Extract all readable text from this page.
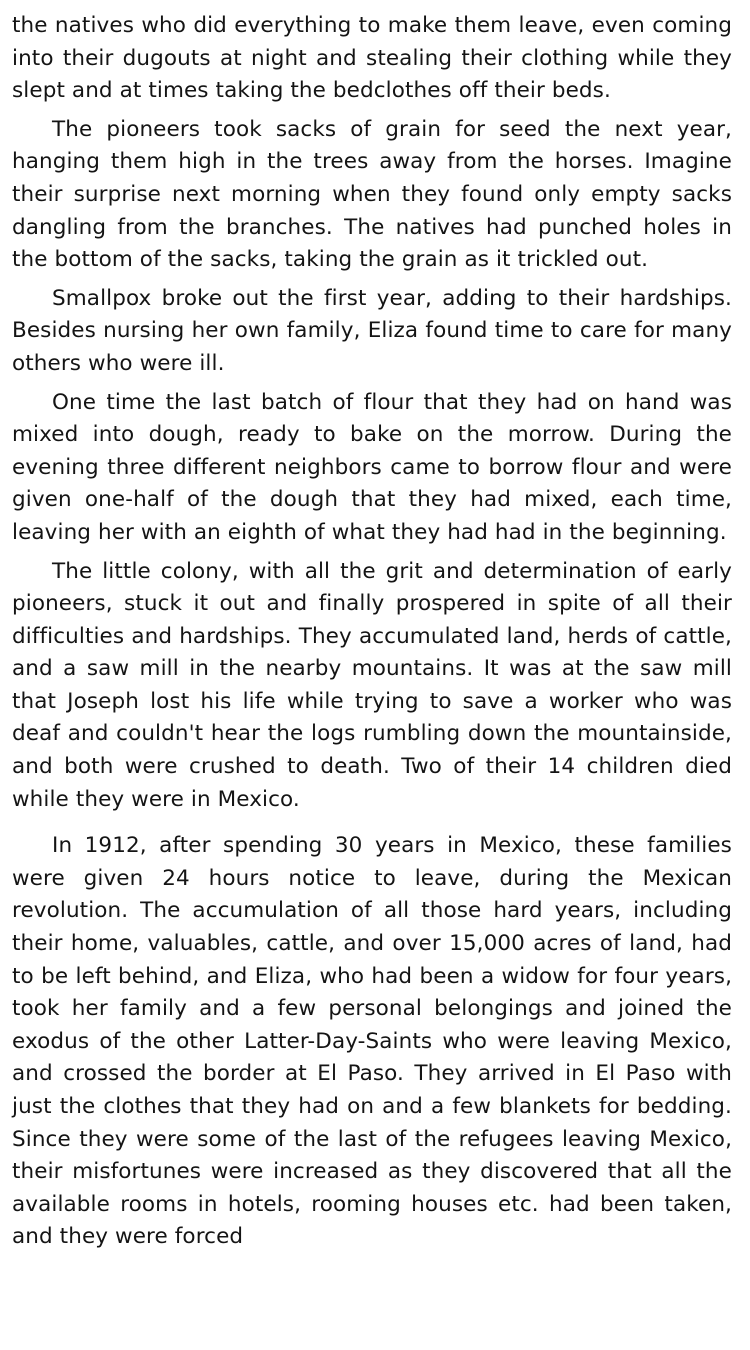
the natives who did everything to make them leave, even coming into their dugouts at night and stealing their clothing while they slept and at times taking the bedclothes off their beds.

The pioneers took sacks of grain for seed the next year, hanging them high in the trees away from the horses. Imagine their surprise next morning when they found only empty sacks dangling from the branches. The natives had punched holes in the bottom of the sacks, taking the grain as it trickled out.

Smallpox broke out the first year, adding to their hardships. Besides nursing her own family, Eliza found time to care for many others who were ill.

One time the last batch of flour that they had on hand was mixed into dough, ready to bake on the morrow. During the evening three different neighbors came to borrow flour and were given one-half of the dough that they had mixed, each time, leaving her with an eighth of what they had had in the beginning.

The little colony, with all the grit and determination of early pioneers, stuck it out and finally prospered in spite of all their difficulties and hardships. They accumulated land, herds of cattle, and a saw mill in the nearby mountains. It was at the saw mill that Joseph lost his life while trying to save a worker who was deaf and couldn't hear the logs rumbling down the mountainside, and both were crushed to death. Two of their 14 children died while they were in Mexico.

In 1912, after spending 30 years in Mexico, these families were given 24 hours notice to leave, during the Mexican revolution. The accumulation of all those hard years, including their home, valuables, cattle, and over 15,000 acres of land, had to be left behind, and Eliza, who had been a widow for four years, took her family and a few personal belongings and joined the exodus of the other Latter-Day-Saints who were leaving Mexico, and crossed the border at El Paso. They arrived in El Paso with just the clothes that they had on and a few blankets for bedding. Since they were some of the last of the refugees leaving Mexico, their misfortunes were increased as they discovered that all the available rooms in hotels, rooming houses etc. had been taken, and they were forced
